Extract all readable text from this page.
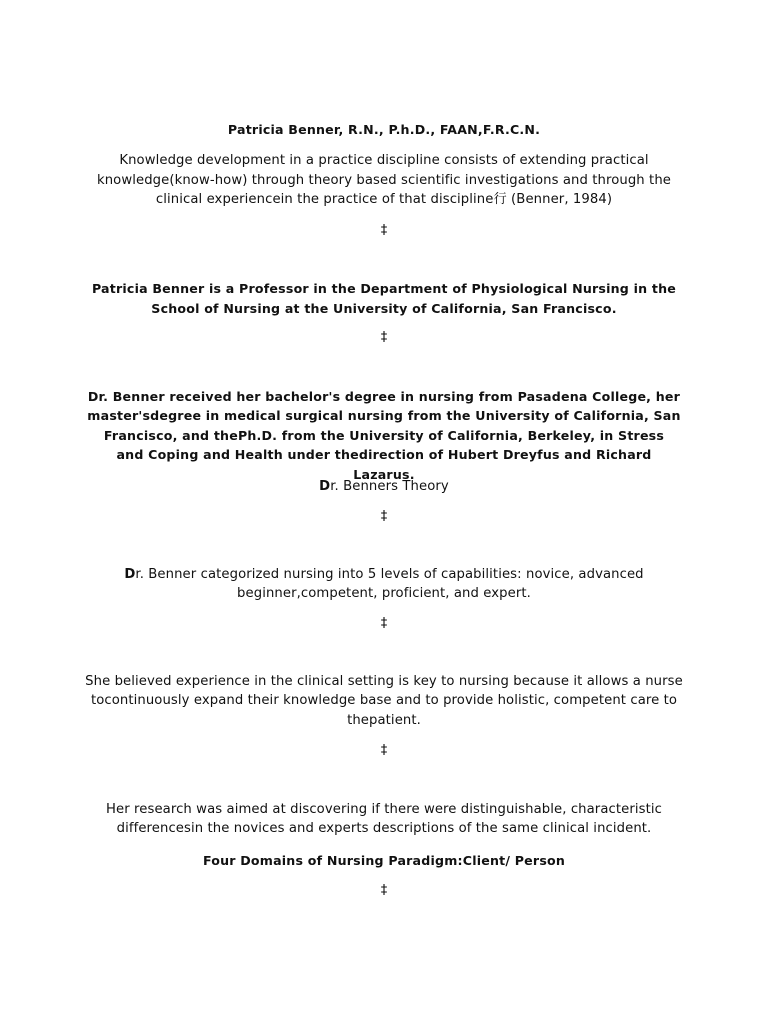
Patricia Benner, R.N., P.h.D., FAAN,F.R.C.N.
Knowledge development in a practice discipline consists of extending practical
knowledge(know-how) through theory based scientific investigations and through the
clinical experiencein the practice of that discipline行 (Benner, 1984)
‡
Patricia Benner is a Professor in the Department of Physiological Nursing in the
School of Nursing at the University of California, San Francisco.
‡
Dr. Benner received her bachelor's degree in nursing from Pasadena College, her
master'sdegree in medical surgical nursing from the University of California, San
Francisco, and thePh.D. from the University of California, Berkeley, in Stress
and Coping and Health under thedirection of Hubert Dreyfus and Richard Lazarus.
Dr. Benners Theory
‡
Dr. Benner categorized nursing into 5 levels of capabilities: novice, advanced
beginner,competent, proficient, and expert.
‡
She believed experience in the clinical setting is key to nursing because it allows a nurse
tocontinuously expand their knowledge base and to provide holistic, competent care to
thepatient.
‡
Her research was aimed at discovering if there were distinguishable, characteristic
differencesin the novices and experts descriptions of the same clinical incident.
Four Domains of Nursing Paradigm:Client/ Person
‡
